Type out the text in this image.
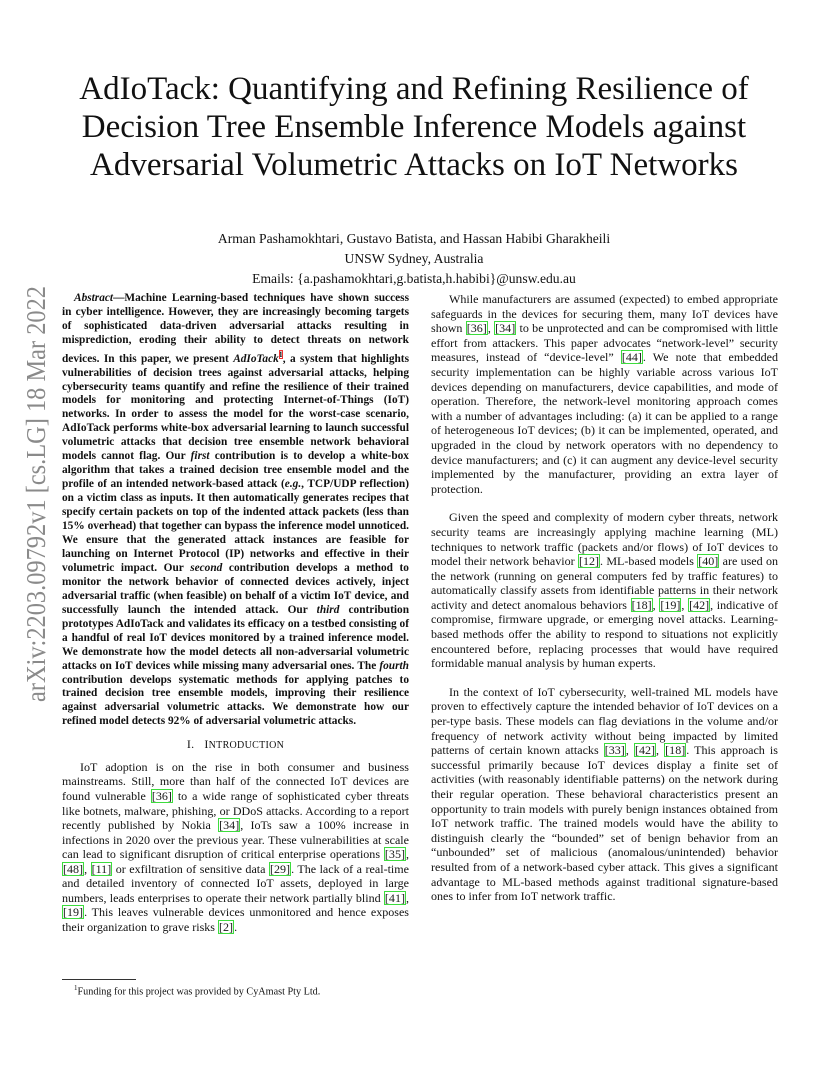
AdIoTack: Quantifying and Refining Resilience of
Decision Tree Ensemble Inference Models against
Adversarial Volumetric Attacks on IoT Networks
Arman Pashamokhtari, Gustavo Batista, and Hassan Habibi Gharakheili
UNSW Sydney, Australia
Emails: {a.pashamokhtari,g.batista,h.habibi}@unsw.edu.au
arXiv:2203.09792v1 [cs.LG] 18 Mar 2022	Abstract—Machine Learning-based techniques have shown success in cyber intelligence. However, they are increasingly becoming targets of sophisticated data-driven adversarial attacks resulting in misprediction, eroding their ability to detect threats on network devices. In this paper, we present AdIoTack$^1$, a system that highlights vulnerabilities of decision trees against adversarial attacks, helping cybersecurity teams quantify and refine the resilience of their trained models for monitoring and protecting Internet-of-Things (IoT) networks. In order to assess the model for the worst-case scenario, AdIoTack performs white-box adversarial learning to launch successful volumetric attacks that decision tree ensemble network behavioral models cannot flag. Our first contribution is to develop a white-box algorithm that takes a trained decision tree ensemble model and the profile of an intended network-based attack (e.g., TCP/UDP reflection) on a victim class as inputs. It then automatically generates recipes that specify certain packets on top of the indented attack packets (less than 15% overhead) that together can bypass the inference model unnoticed. We ensure that the generated attack instances are feasible for launching on Internet Protocol (IP) networks and effective in their volumetric impact. Our second contribution develops a method to monitor the network behavior of connected devices actively, inject adversarial traffic (when feasible) on behalf of a victim IoT device, and successfully launch the intended attack. Our third contribution prototypes AdIoTack and validates its efficacy on a testbed consisting of a handful of real IoT devices monitored by a trained inference model. We demonstrate how the model detects all non-adversarial volumetric attacks on IoT devices while missing many adversarial ones. The fourth contribution develops systematic methods for applying patches to trained decision tree ensemble models, improving their resilience against adversarial volumetric attacks. We demonstrate how our refined model detects 92% of adversarial volumetric attacks.

I. INTRODUCTION

IoT adoption is on the rise in both consumer and business mainstreams. Still, more than half of the connected IoT devices are found vulnerable [36] to a wide range of sophisticated cyber threats like botnets, malware, phishing, or DDoS attacks. According to a report recently published by Nokia [34], IoTs saw a 100% increase in infections in 2020 over the previous year. These vulnerabilities at scale can lead to significant disruption of critical enterprise operations [35], [48], [11] or exfiltration of sensitive data [29]. The lack of a real-time and detailed inventory of connected IoT assets, deployed in large numbers, leads enterprises to operate their network partially blind [41], [19]. This leaves vulnerable devices unmonitored and hence exposes their organization to grave risks [2].

$^1$Funding for this project was provided by CyAmast Pty Ltd.

While manufacturers are assumed (expected) to embed appropriate safeguards in the devices for securing them, many IoT devices have shown [36], [34] to be unprotected and can be compromised with little effort from attackers. This paper advocates “network-level” security measures, instead of “device-level” [44]. We note that embedded security implementation can be highly variable across various IoT devices depending on manufacturers, device capabilities, and mode of operation. Therefore, the network-level monitoring approach comes with a number of advantages including: (a) it can be applied to a range of heterogeneous IoT devices; (b) it can be implemented, operated, and upgraded in the cloud by network operators with no dependency to device manufacturers; and (c) it can augment any device-level security implemented by the manufacturer, providing an extra layer of protection.

Given the speed and complexity of modern cyber threats, network security teams are increasingly applying machine learning (ML) techniques to network traffic (packets and/or flows) of IoT devices to model their network behavior [12]. ML-based models [40] are used on the network (running on general computers fed by traffic features) to automatically classify assets from identifiable patterns in their network activity and detect anomalous behaviors [18], [19], [42], indicative of compromise, firmware upgrade, or emerging novel attacks. Learning-based methods offer the ability to respond to situations not explicitly encountered before, replacing processes that would have required formidable manual analysis by human experts.

In the context of IoT cybersecurity, well-trained ML models have proven to effectively capture the intended behavior of IoT devices on a per-type basis. These models can flag deviations in the volume and/or frequency of network activity without being impacted by limited patterns of certain known attacks [33], [42], [18]. This approach is successful primarily because IoT devices display a finite set of activities (with reasonably identifiable patterns) on the network during their regular operation. These behavioral characteristics present an opportunity to train models with purely benign instances obtained from IoT network traffic. The trained models would have the ability to distinguish clearly the “bounded” set of benign behavior from an “unbounded” set of malicious (anomalous/unintended) behavior resulted from of a network-based cyber attack. This gives a significant advantage to ML-based methods against traditional signature-based ones to infer from IoT network traffic.
